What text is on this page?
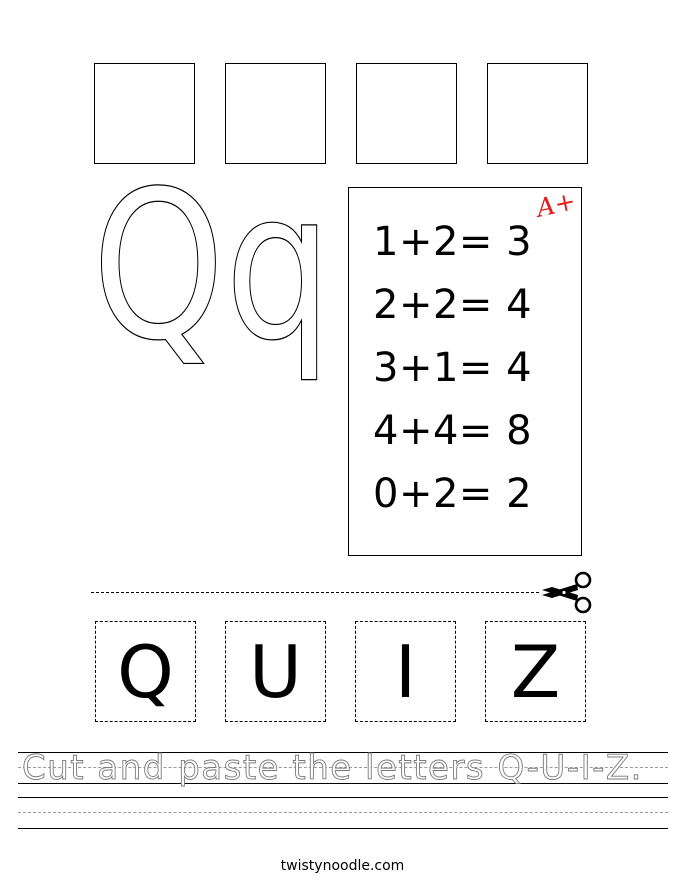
Qq 1+2= 3
2+2= 4
3+1= 4
4+4= 8
0+2= 2
A+
Q U I Z
Cut and paste the letters Q-U-I-Z.
twistynoodle.com
